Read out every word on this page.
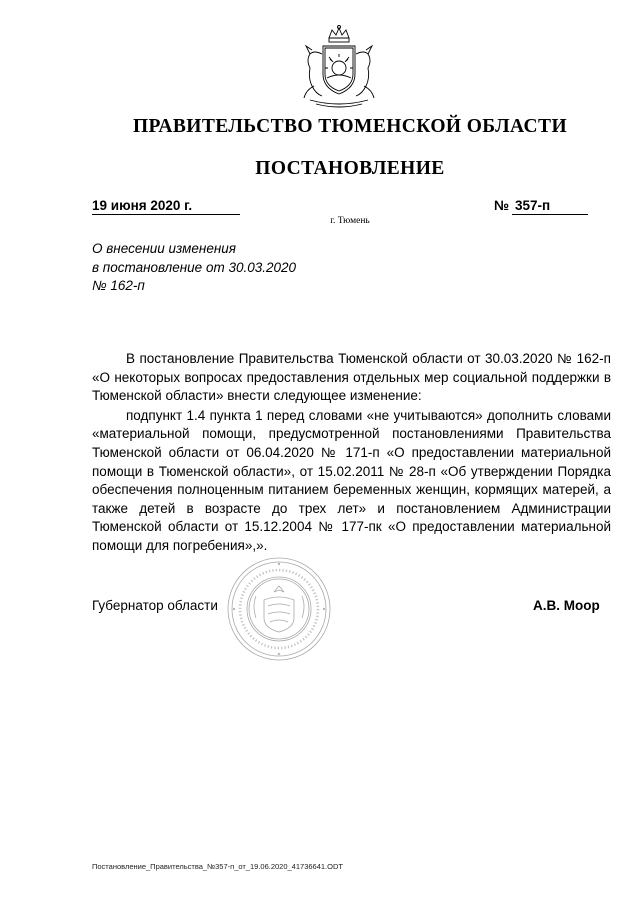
ПРАВИТЕЛЬСТВО ТЮМЕНСКОЙ ОБЛАСТИ
ПОСТАНОВЛЕНИЕ
19 июня 2020 г.	№ 357-п
г. Тюмень
О внесении изменения
в постановление от 30.03.2020
№ 162-п

В постановление Правительства Тюменской области от 30.03.2020 № 162-п «О некоторых вопросах предоставления отдельных мер социальной поддержки в Тюменской области» внести следующее изменение:

подпункт 1.4 пункта 1 перед словами «не учитываются» дополнить словами «материальной помощи, предусмотренной постановлениями Правительства Тюменской области от 06.04.2020 № 171-п «О предоставлении материальной помощи в Тюменской области», от 15.02.2011 № 28-п «Об утверждении Порядка обеспечения полноценным питанием беременных женщин, кормящих матерей, а также детей в возрасте до трех лет» и постановлением Администрации Тюменской области от 15.12.2004 № 177-пк «О предоставлении материальной помощи для погребения»,».

Губернатор области	А.В. Моор
Постановление_Правительства_№357-п_от_19.06.2020_41736641.ODT
